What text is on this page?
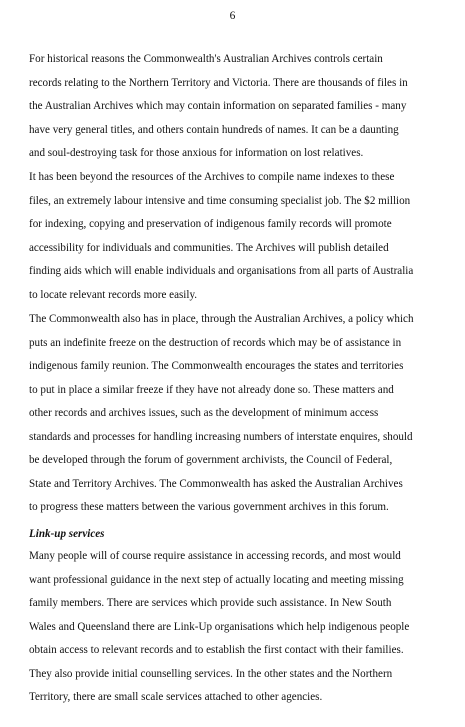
6
For historical reasons the Commonwealth's Australian Archives controls certain
records relating to the Northern Territory and Victoria. There are thousands of files in
the Australian Archives which may contain information on separated families - many
have very general titles, and others contain hundreds of names. It can be a daunting
and soul-destroying task for those anxious for information on lost relatives.
It has been beyond the resources of the Archives to compile name indexes to these
files, an extremely labour intensive and time consuming specialist job. The $2 million
for indexing, copying and preservation of indigenous family records will promote
accessibility for individuals and communities. The Archives will publish detailed
finding aids which will enable individuals and organisations from all parts of Australia
to locate relevant records more easily.
The Commonwealth also has in place, through the Australian Archives, a policy which
puts an indefinite freeze on the destruction of records which may be of assistance in
indigenous family reunion. The Commonwealth encourages the states and territories
to put in place a similar freeze if they have not already done so. These matters and
other records and archives issues, such as the development of minimum access
standards and processes for handling increasing numbers of interstate enquires, should
be developed through the forum of government archivists, the Council of Federal,
State and Territory Archives. The Commonwealth has asked the Australian Archives
to progress these matters between the various government archives in this forum.
Link-up services
Many people will of course require assistance in accessing records, and most would
want professional guidance in the next step of actually locating and meeting missing
family members. There are services which provide such assistance. In New South
Wales and Queensland there are Link-Up organisations which help indigenous people
obtain access to relevant records and to establish the first contact with their families.
They also provide initial counselling services. In the other states and the Northern
Territory, there are small scale services attached to other agencies.
